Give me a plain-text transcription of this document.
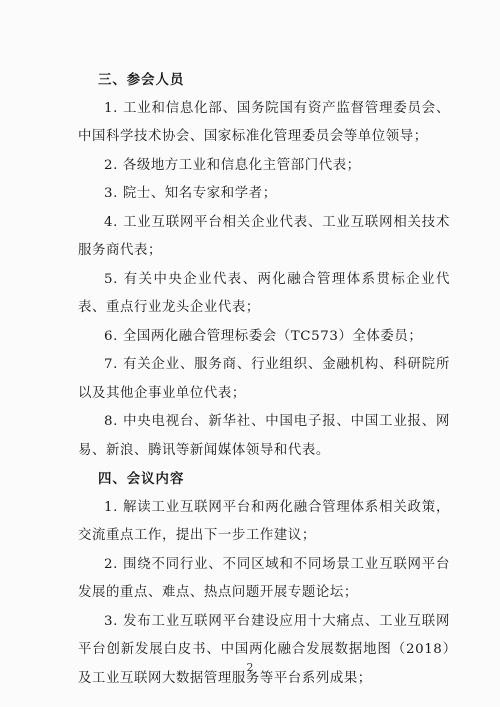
三、参会人员

1. 工业和信息化部、国务院国有资产监督管理委员会、中国科学技术协会、国家标准化管理委员会等单位领导；

2. 各级地方工业和信息化主管部门代表；

3. 院士、知名专家和学者；

4. 工业互联网平台相关企业代表、工业互联网相关技术服务商代表；

5. 有关中央企业代表、两化融合管理体系贯标企业代表、重点行业龙头企业代表；

6. 全国两化融合管理标委会（TC573）全体委员；

7. 有关企业、服务商、行业组织、金融机构、科研院所以及其他企事业单位代表；

8. 中央电视台、新华社、中国电子报、中国工业报、网易、新浪、腾讯等新闻媒体领导和代表。

四、会议内容

1. 解读工业互联网平台和两化融合管理体系相关政策，交流重点工作，提出下一步工作建议；

2. 围绕不同行业、不同区域和不同场景工业互联网平台发展的重点、难点、热点问题开展专题论坛；

3. 发布工业互联网平台建设应用十大痛点、工业互联网平台创新发展白皮书、中国两化融合发展数据地图（2018）及工业互联网大数据管理服务等平台系列成果；

2
